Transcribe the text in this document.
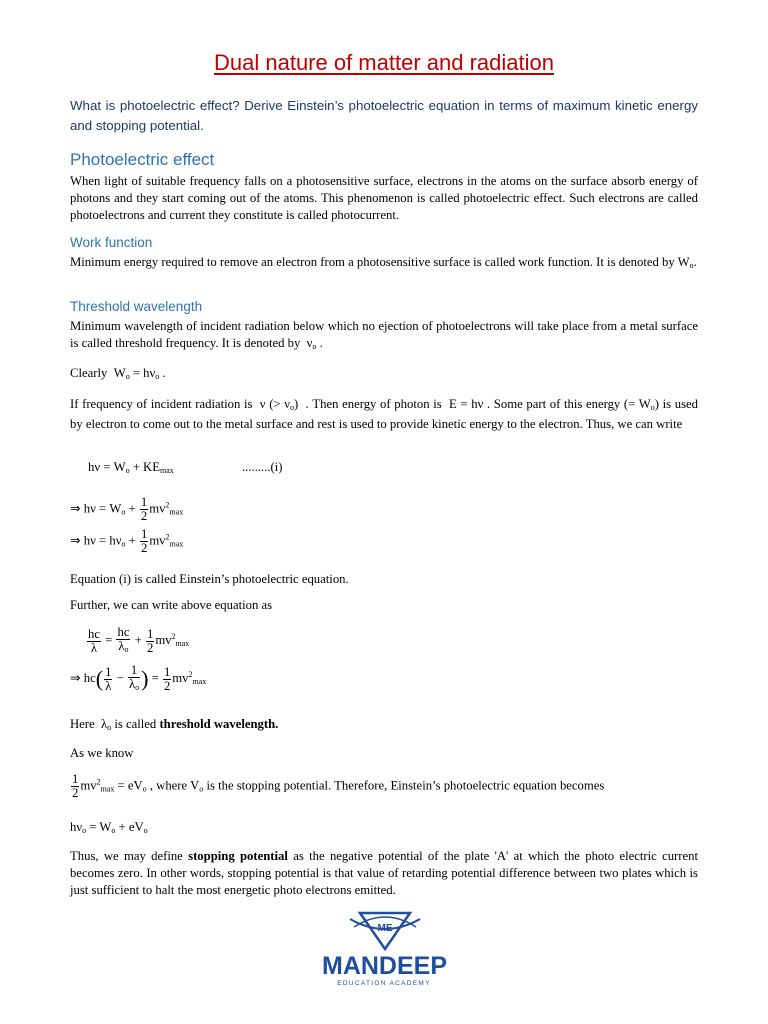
Dual nature of matter and radiation
What is photoelectric effect? Derive Einstein’s photoelectric equation in terms of maximum kinetic energy and stopping potential.
Photoelectric effect
When light of suitable frequency falls on a photosensitive surface, electrons in the atoms on the surface absorb energy of photons and they start coming out of the atoms. This phenomenon is called photoelectric effect. Such electrons are called photoelectrons and current they constitute is called photocurrent.
Work function
Minimum energy required to remove an electron from a photosensitive surface is called work function. It is denoted by $W_o$.
Threshold wavelength
Minimum wavelength of incident radiation below which no ejection of photoelectrons will take place from a metal surface is called threshold frequency. It is denoted by  $\nu_o$ .
Clearly $W_o = h\nu_o$ .
If frequency of incident radiation is  ν (> $\nu_o$)  . Then energy of photon is  E = hν . Some part of this energy (= $W_o$) is used by electron to come out to the metal surface and rest is used to provide kinetic energy to the electron. Thus, we can write
$h\nu = W_o + KE_{max}$	.........(i)
⇒ $h\nu = W_o + \frac{1}{2} mv^2_{max}$
⇒ $h\nu = h\nu_o + \frac{1}{2} mv^2_{max}$
Equation (i) is called Einstein’s photoelectric equation.
Further, we can write above equation as
$\frac{hc}{\lambda} = \frac{hc}{\lambda_o} + \frac{1}{2} mv^2_{max}$
⇒ $hc( \frac{1}{\lambda} - \frac{1}{\lambda_o}$ ) = $\frac{1}{2} mv^2_{max}$
Here  $\lambda_o$ is called threshold wavelength.
As we know
$\frac{1}{2} mv^2_{max} = eV_o$ , where $V_o$ is the stopping potential. Therefore, Einstein’s photoelectric equation becomes
$h\nu_o = W_o + eV_o$
Thus, we may define stopping potential as the negative potential of the plate 'A' at which the photo electric current becomes zero. In other words, stopping potential is that value of retarding potential difference between two plates which is just sufficient to halt the most energetic photo electrons emitted.
ME
MANDEEP
EDUCATION ACADEMY
